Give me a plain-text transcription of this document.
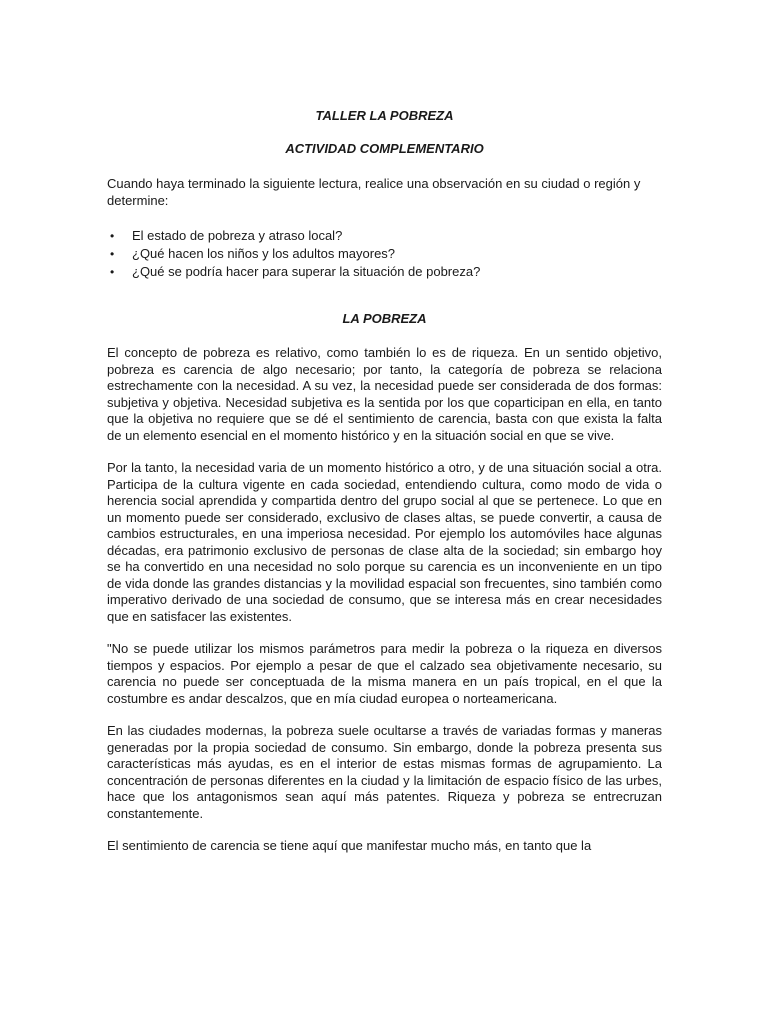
TALLER LA POBREZA

ACTIVIDAD COMPLEMENTARIO

Cuando haya terminado la siguiente lectura, realice una observación en su ciudad o región y determine:

• El estado de pobreza y atraso local?
• ¿Qué hacen los niños y los adultos mayores?
• ¿Qué se podría hacer para superar la situación de pobreza?

LA POBREZA

El concepto de pobreza es relativo, como también lo es de riqueza. En un sentido objetivo, pobreza es carencia de algo necesario; por tanto, la categoría de pobreza se relaciona estrechamente con la necesidad. A su vez, la necesidad puede ser considerada de dos formas: subjetiva y objetiva. Necesidad subjetiva es la sentida por los que coparticipan en ella, en tanto que la objetiva no requiere que se dé el sentimiento de carencia, basta con que exista la falta de un elemento esencial en el momento histórico y en la situación social en que se vive.

Por la tanto, la necesidad varia de un momento histórico a otro, y de una situación social a otra. Participa de la cultura vigente en cada sociedad, entendiendo cultura, como modo de vida o herencia social aprendida y compartida dentro del grupo social al que se pertenece. Lo que en un momento puede ser considerado, exclusivo de clases altas, se puede convertir, a causa de cambios estructurales, en una imperiosa necesidad. Por ejemplo los automóviles hace algunas décadas, era patrimonio exclusivo de personas de clase alta de la sociedad; sin embargo hoy se ha convertido en una necesidad no solo porque su carencia es un inconveniente en un tipo de vida donde las grandes distancias y la movilidad espacial son frecuentes, sino también como imperativo derivado de una sociedad de consumo, que se interesa más en crear necesidades que en satisfacer las existentes.

"No se puede utilizar los mismos parámetros para medir la pobreza o la riqueza en diversos tiempos y espacios. Por ejemplo a pesar de que el calzado sea objetivamente necesario, su carencia no puede ser conceptuada de la misma manera en un país tropical, en el que la costumbre es andar descalzos, que en mía ciudad europea o norteamericana.

En las ciudades modernas, la pobreza suele ocultarse a través de variadas formas y maneras generadas por la propia sociedad de consumo. Sin embargo, donde la pobreza presenta sus características más ayudas, es en el interior de estas mismas formas de agrupamiento. La concentración de personas diferentes en la ciudad y la limitación de espacio físico de las urbes, hace que los antagonismos sean aquí más patentes. Riqueza y pobreza se entrecruzan constantemente.

El sentimiento de carencia se tiene aquí que manifestar mucho más, en tanto que la
